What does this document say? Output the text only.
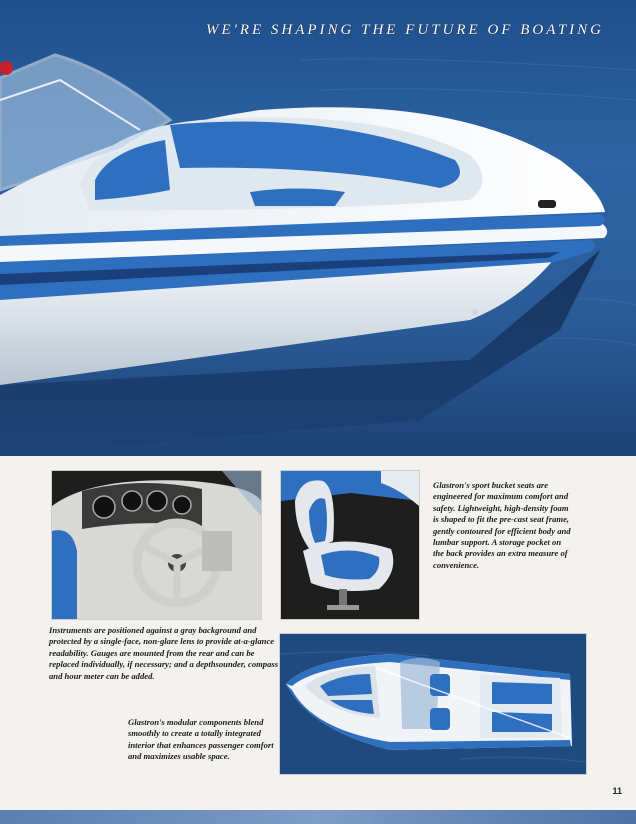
WE'RE SHAPING THE FUTURE OF BOATING
Glastron's sport bucket seats are engineered for maximum comfort and safety. Lightweight, high-density foam is shaped to fit the pre-cast seat frame, gently contoured for efficient body and lumbar support. A storage pocket on the back provides an extra measure of convenience.
Instruments are positioned against a gray background and protected by a single-face, non-glare lens to provide at-a-glance readability. Gauges are mounted from the rear and can be replaced individually, if necessary; and a depthsounder, compass and hour meter can be added.
Glastron's modular components blend smoothly to create a totally integrated interior that enhances passenger comfort and maximizes usable space.
11
